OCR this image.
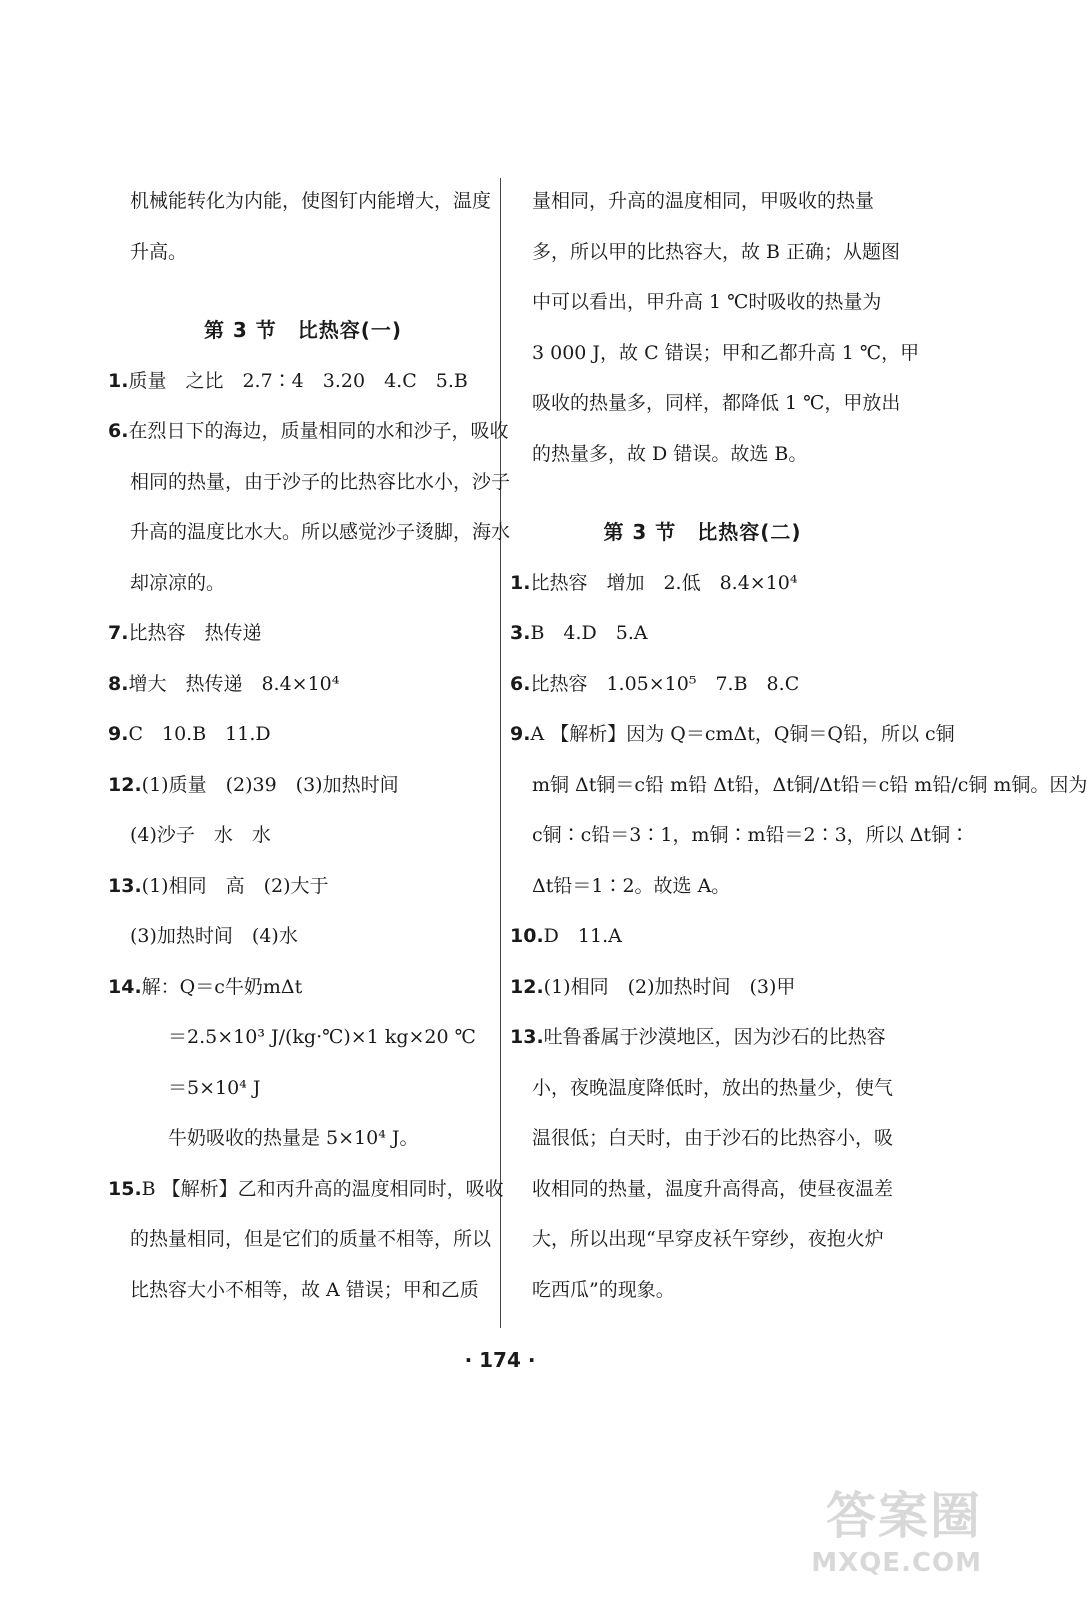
机械能转化为内能，使图钉内能增大，温度
升高。
第 3 节　比热容(一)
1.质量　之比　2.7∶4　3.20　4.C　5.B
6.在烈日下的海边，质量相同的水和沙子，吸收
相同的热量，由于沙子的比热容比水小，沙子
升高的温度比水大。所以感觉沙子烫脚，海水
却凉凉的。
7.比热容　热传递
8.增大　热传递　8.4×10⁴
9.C　10.B　11.D
12.(1)质量　(2)39　(3)加热时间
(4)沙子　水　水
13.(1)相同　高　(2)大于
(3)加热时间　(4)水
14.解：Q＝c牛奶mΔt
＝2.5×10³ J/(kg·℃)×1 kg×20 ℃
＝5×10⁴ J
牛奶吸收的热量是 5×10⁴ J。
15.B 【解析】乙和丙升高的温度相同时，吸收
的热量相同，但是它们的质量不相等，所以
比热容大小不相等，故 A 错误；甲和乙质
量相同，升高的温度相同，甲吸收的热量
多，所以甲的比热容大，故 B 正确；从题图
中可以看出，甲升高 1 ℃时吸收的热量为
3 000 J，故 C 错误；甲和乙都升高 1 ℃，甲
吸收的热量多，同样，都降低 1 ℃，甲放出
的热量多，故 D 错误。故选 B。
第 3 节　比热容(二)
1.比热容　增加　2.低　8.4×10⁴
3.B　4.D　5.A
6.比热容　1.05×10⁵　7.B　8.C
9.A 【解析】因为 Q＝cmΔt，Q铜＝Q铅，所以 c铜
m铜 Δt铜＝c铅 m铅 Δt铅，Δt铜/Δt铅＝c铅 m铅/c铜 m铜。因为
c铜∶c铅＝3∶1，m铜∶m铅＝2∶3，所以 Δt铜∶
Δt铅＝1∶2。故选 A。
10.D　11.A
12.(1)相同　(2)加热时间　(3)甲
13.吐鲁番属于沙漠地区，因为沙石的比热容
小，夜晚温度降低时，放出的热量少，使气
温很低；白天时，由于沙石的比热容小，吸
收相同的热量，温度升高得高，使昼夜温差
大，所以出现“早穿皮袄午穿纱，夜抱火炉
吃西瓜”的现象。
· 174 ·
答案圈
MXQE.COM
